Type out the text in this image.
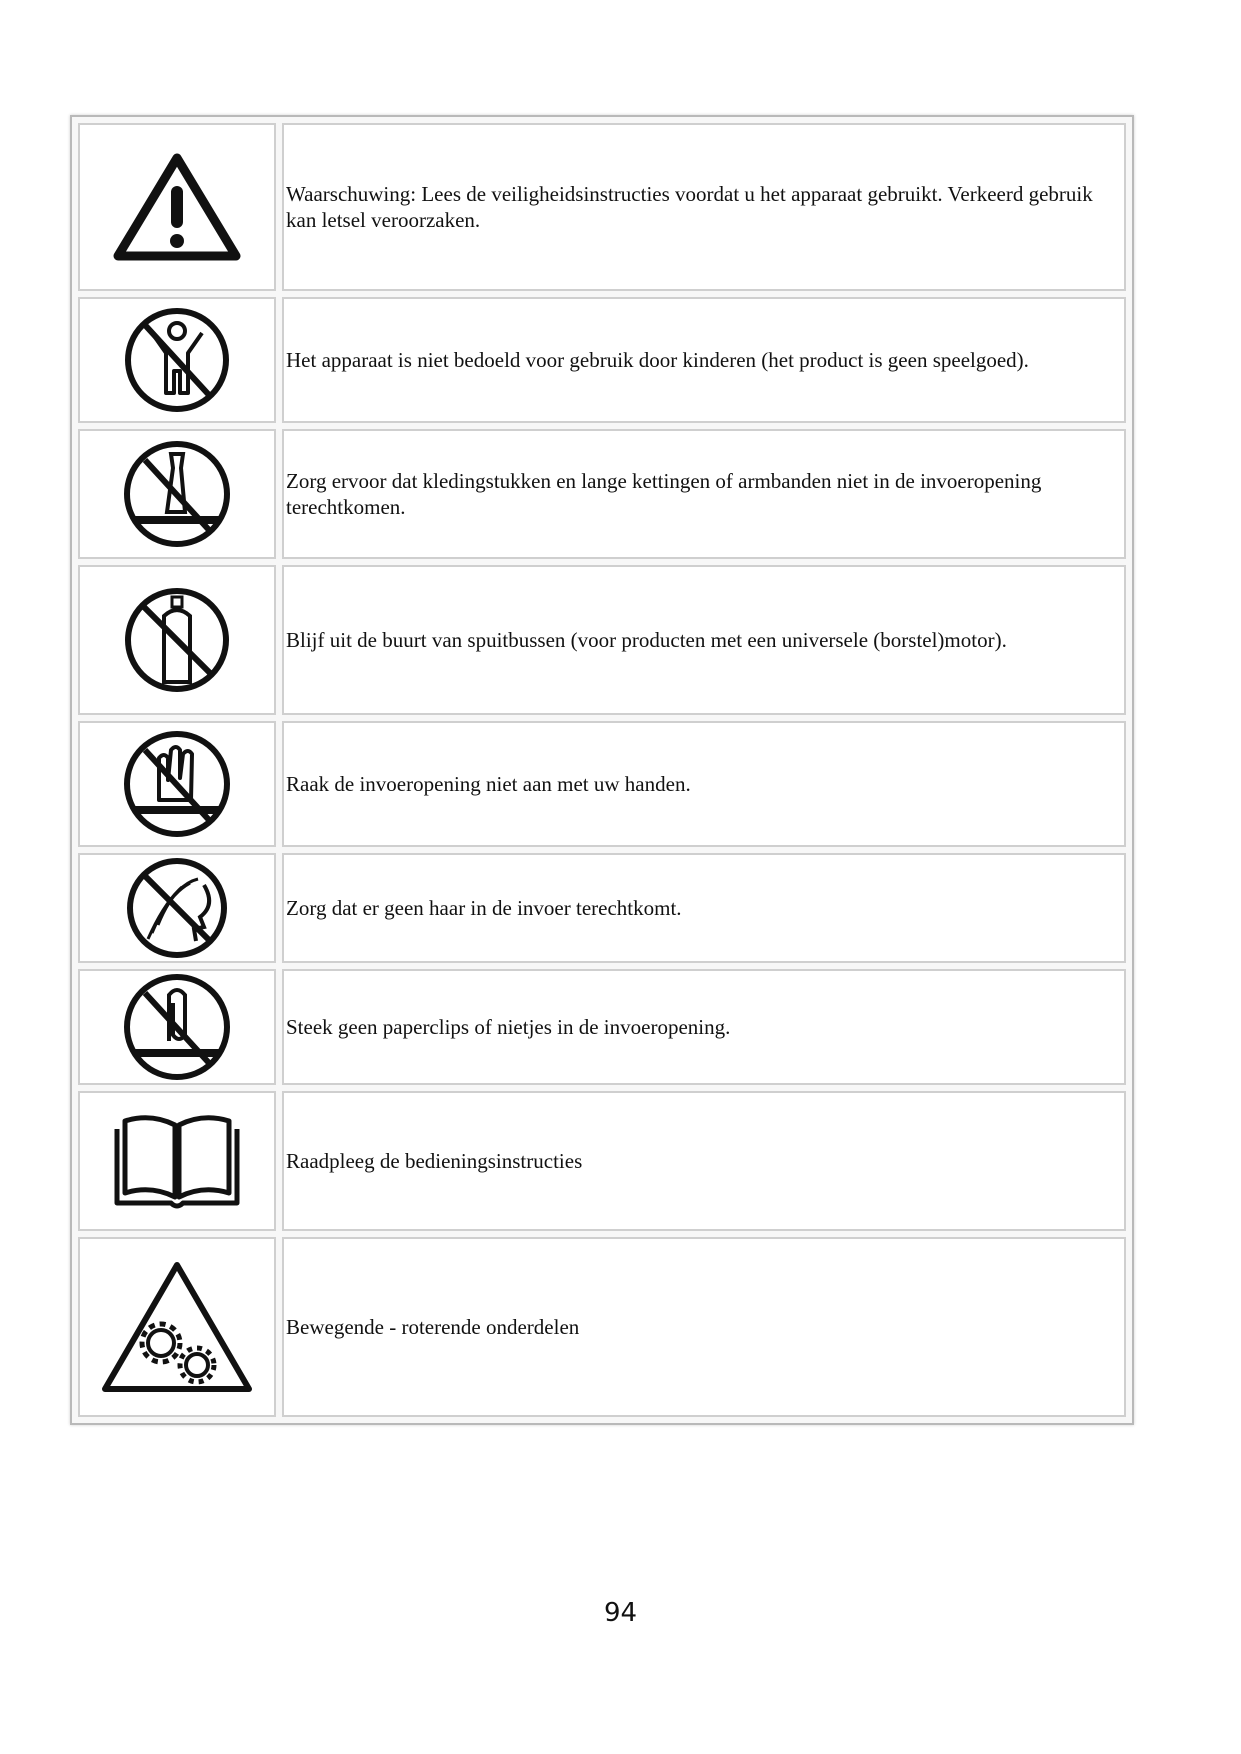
	Waarschuwing: Lees de veiligheidsinstructies voordat u het apparaat gebruikt. Verkeerd gebruik kan letsel veroorzaken.

	Het apparaat is niet bedoeld voor gebruik door kinderen (het product is geen speelgoed).

	Zorg ervoor dat kledingstukken en lange kettingen of armbanden niet in de invoeropening terechtkomen.

	Blijf uit de buurt van spuitbussen (voor producten met een universele (borstel)motor).

	Raak de invoeropening niet aan met uw handen.

	Zorg dat er geen haar in de invoer terechtkomt.

	Steek geen paperclips of nietjes in de invoeropening.

	Raadpleeg de bedieningsinstructies

	Bewegende - roterende onderdelen
94
